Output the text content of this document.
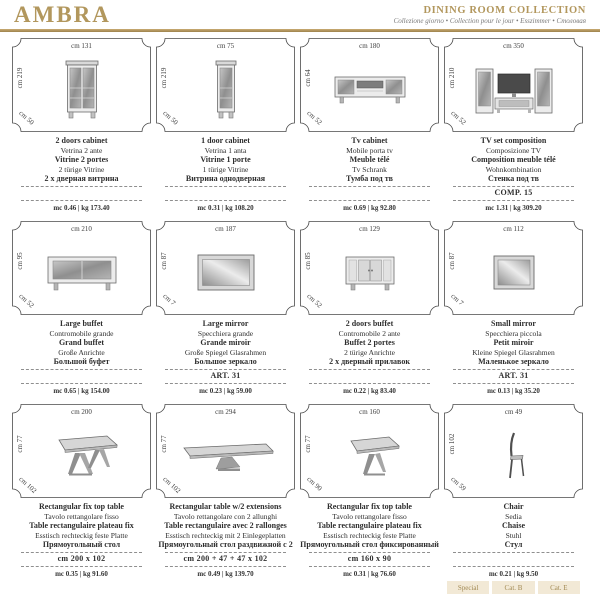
AMBRA	DINING ROOM COLLECTION
Collezione giorno • Collection pour le jour • Esszimmer • Столовая
cm 131
cm 219
cm 50
2 doors cabinet
Vetrina 2 ante
Vitrine 2 portes
2 türige Vitrine
2 х дверная витрина
mc 0.46 | kg 173.40
cm 75
cm 219
cm 50
1 door cabinet
Vetrina 1 anta
Vitrine 1 porte
1 türige Vitrine
Витрина однодверная
mc 0.31 | kg 108.20
cm 180
cm 64
cm 52
Tv cabinet
Mobile porta tv
Meuble télé
Tv Schrank
Тумба под тв
mc 0.69 | kg 92.80
cm 350
cm 210
cm 52
TV set composition
Composizione TV
Composition meuble télé
Wohnkombination
Стенка под тв
COMP. 15
mc 1.31 | kg 309.20
cm 210
cm 95
cm 52
Large buffet
Contromobile grande
Grand buffet
Große Anrichte
Большой буфет
mc 0.65 | kg 154.00
cm 187
cm 87
cm 7
Large mirror
Specchiera grande
Grande miroir
Große Spiegel Glasrahmen
Большое зеркало
ART. 31
mc 0.23 | kg 59.00
cm 129
cm 85
cm 52
2 doors buffet
Contromobile 2 ante
Buffet 2 portes
2 türige Anrichte
2 х дверный прилавок
mc 0.22 | kg 83.40
cm 112
cm 87
cm 7
Small mirror
Specchiera piccola
Petit miroir
Kleine Spiegel Glasrahmen
Маленькое зеркало
ART. 31
mc 0.13 | kg 35.20
cm 200
cm 77
cm 102
Rectangular fix top table
Tavolo rettangolare fisso
Table rectangulaire plateau fix
Esstisch rechteckig feste Platte
Прямоугольный стол
cm 200 x 102
mc 0.35 | kg 91.60
cm 294
cm 77
cm 102
Rectangular table w/2 extensions
Tavolo rettangolare con 2 allunghi
Table rectangulaire avec 2 rallonges
Esstisch rechteckig mit 2 Einlegeplatten
Прямоугольный стол раздвижной с 2
cm 200 + 47 + 47 x 102
mc 0.49 | kg 139.70
cm 160
cm 77
cm 90
Rectangular fix top table
Tavolo rettangolare fisso
Table rectangulaire plateau fix
Esstisch rechteckig feste Platte
Прямоугольный стол фиксированный
cm 160 x 90
mc 0.31 | kg 76.60
cm 49
cm 102
cm 59
Chair
Sedia
Chaise
Stuhl
Стул
mc 0.21 | kg 9.50
Special	Cat. B	Cat. E
